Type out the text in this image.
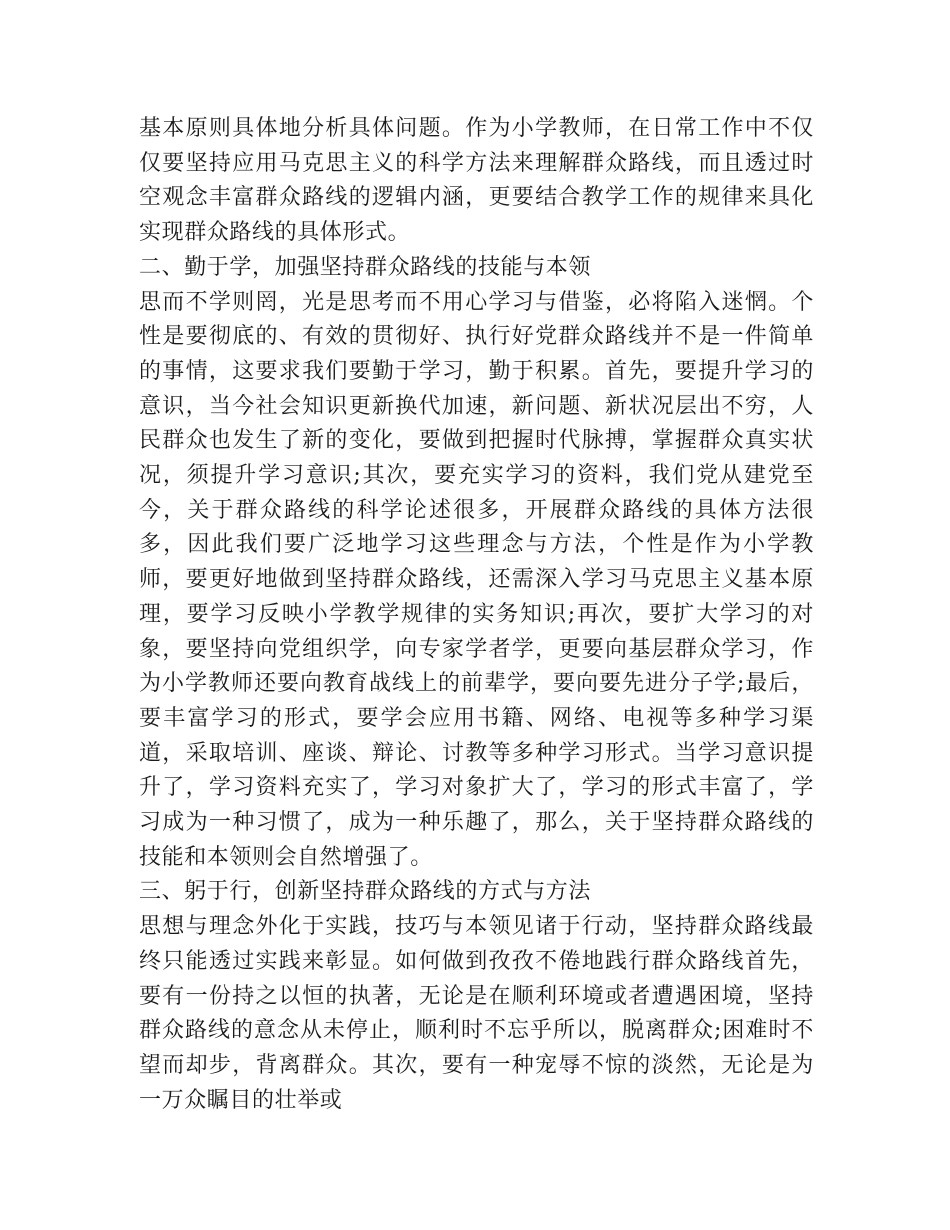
基本原则具体地分析具体问题。作为小学教师，在日常工作中不仅仅要坚持应用马克思主义的科学方法来理解群众路线，而且透过时空观念丰富群众路线的逻辑内涵，更要结合教学工作的规律来具化实现群众路线的具体形式。

二、勤于学，加强坚持群众路线的技能与本领

思而不学则罔，光是思考而不用心学习与借鉴，必将陷入迷惘。个性是要彻底的、有效的贯彻好、执行好党群众路线并不是一件简单的事情，这要求我们要勤于学习，勤于积累。首先，要提升学习的意识，当今社会知识更新换代加速，新问题、新状况层出不穷，人民群众也发生了新的变化，要做到把握时代脉搏，掌握群众真实状况，须提升学习意识;其次，要充实学习的资料，我们党从建党至今，关于群众路线的科学论述很多，开展群众路线的具体方法很多，因此我们要广泛地学习这些理念与方法，个性是作为小学教师，要更好地做到坚持群众路线，还需深入学习马克思主义基本原理，要学习反映小学教学规律的实务知识;再次，要扩大学习的对象，要坚持向党组织学，向专家学者学，更要向基层群众学习，作为小学教师还要向教育战线上的前辈学，要向要先进分子学;最后，要丰富学习的形式，要学会应用书籍、网络、电视等多种学习渠道，采取培训、座谈、辩论、讨教等多种学习形式。当学习意识提升了，学习资料充实了，学习对象扩大了，学习的形式丰富了，学习成为一种习惯了，成为一种乐趣了，那么，关于坚持群众路线的技能和本领则会自然增强了。

三、躬于行，创新坚持群众路线的方式与方法

思想与理念外化于实践，技巧与本领见诸于行动，坚持群众路线最终只能透过实践来彰显。如何做到孜孜不倦地践行群众路线首先，要有一份持之以恒的执著，无论是在顺利环境或者遭遇困境，坚持群众路线的意念从未停止，顺利时不忘乎所以，脱离群众;困难时不望而却步，背离群众。其次，要有一种宠辱不惊的淡然，无论是为一万众瞩目的壮举或
